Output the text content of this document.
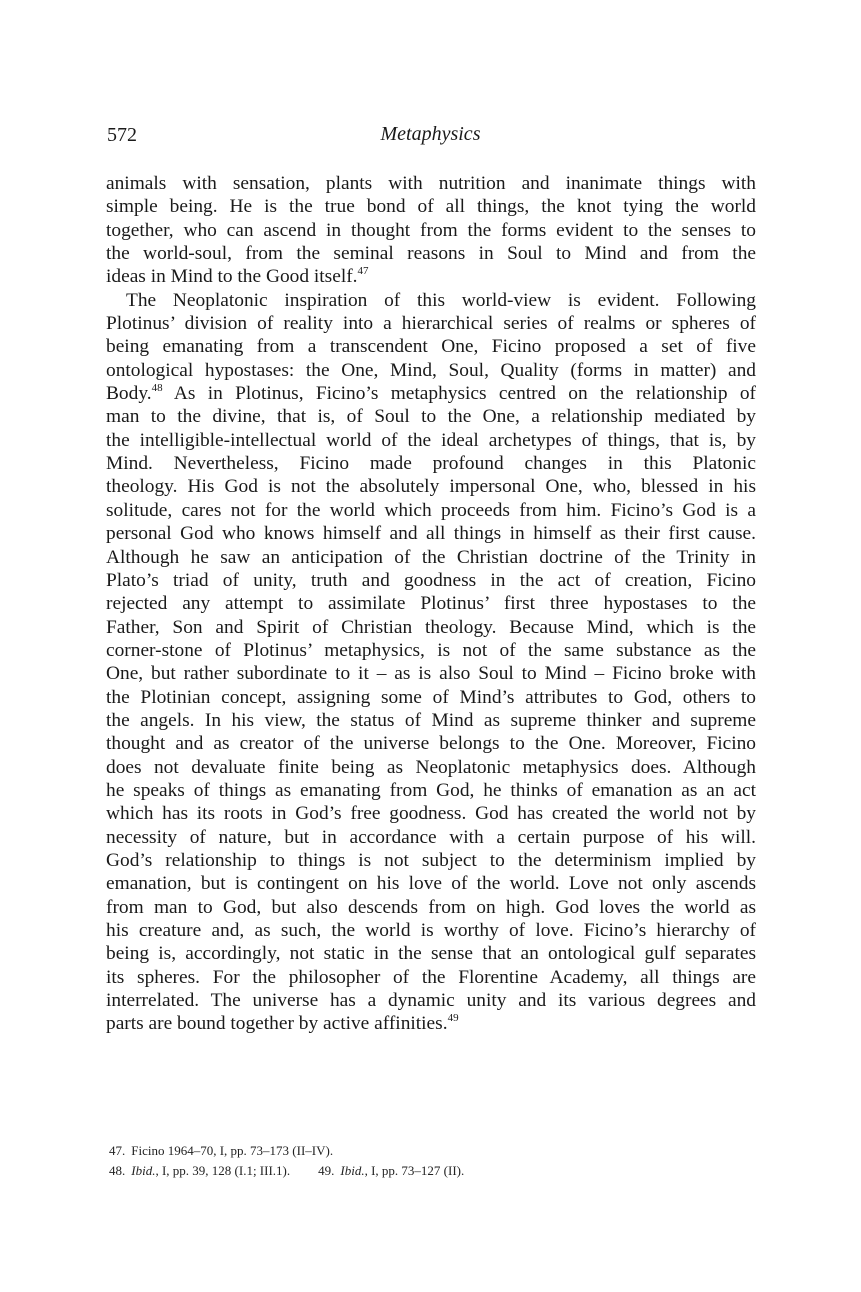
572	Metaphysics
animals with sensation, plants with nutrition and inanimate things with
simple being. He is the true bond of all things, the knot tying the world
together, who can ascend in thought from the forms evident to the senses to
the world-soul, from the seminal reasons in Soul to Mind and from the
ideas in Mind to the Good itself.$^{47}$
The Neoplatonic inspiration of this world-view is evident. Following
Plotinus’ division of reality into a hierarchical series of realms or spheres of
being emanating from a transcendent One, Ficino proposed a set of five
ontological hypostases: the One, Mind, Soul, Quality (forms in matter) and
Body.$^{48}$ As in Plotinus, Ficino’s metaphysics centred on the relationship of
man to the divine, that is, of Soul to the One, a relationship mediated by
the intelligible-intellectual world of the ideal archetypes of things, that is, by
Mind. Nevertheless, Ficino made profound changes in this Platonic
theology. His God is not the absolutely impersonal One, who, blessed in his
solitude, cares not for the world which proceeds from him. Ficino’s God is a
personal God who knows himself and all things in himself as their first cause.
Although he saw an anticipation of the Christian doctrine of the Trinity in
Plato’s triad of unity, truth and goodness in the act of creation, Ficino
rejected any attempt to assimilate Plotinus’ first three hypostases to the
Father, Son and Spirit of Christian theology. Because Mind, which is the
corner-stone of Plotinus’ metaphysics, is not of the same substance as the
One, but rather subordinate to it – as is also Soul to Mind – Ficino broke with
the Plotinian concept, assigning some of Mind’s attributes to God, others to
the angels. In his view, the status of Mind as supreme thinker and supreme
thought and as creator of the universe belongs to the One. Moreover, Ficino
does not devaluate finite being as Neoplatonic metaphysics does. Although
he speaks of things as emanating from God, he thinks of emanation as an act
which has its roots in God’s free goodness. God has created the world not by
necessity of nature, but in accordance with a certain purpose of his will.
God’s relationship to things is not subject to the determinism implied by
emanation, but is contingent on his love of the world. Love not only ascends
from man to God, but also descends from on high. God loves the world as
his creature and, as such, the world is worthy of love. Ficino’s hierarchy of
being is, accordingly, not static in the sense that an ontological gulf separates
its spheres. For the philosopher of the Florentine Academy, all things are
interrelated. The universe has a dynamic unity and its various degrees and
parts are bound together by active affinities.$^{49}$
47. Ficino 1964–70, I, pp. 73–173 (II–IV).
48. Ibid., I, pp. 39, 128 (I.1; III.1). 49. Ibid., I, pp. 73–127 (II).
